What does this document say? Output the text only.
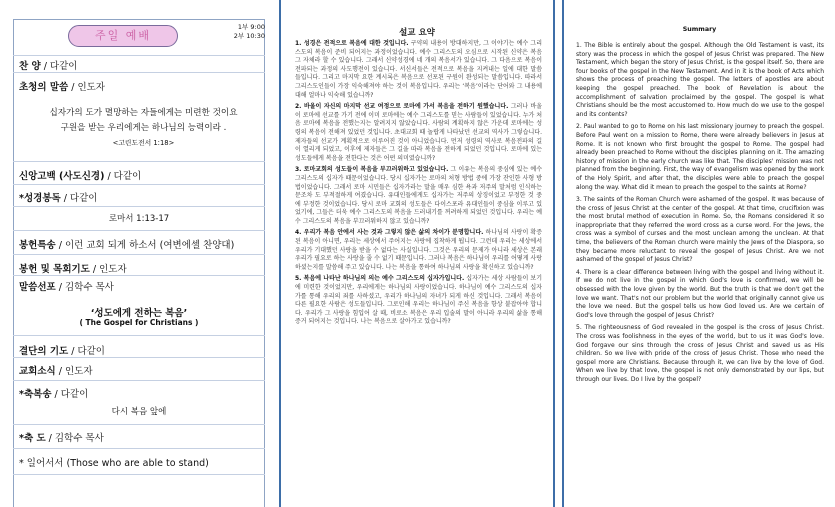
주일 예배
1부 9:00
2부 10:30
찬 양 / 다같이
초청의 말씀 / 인도자
십자가의 도가 멸망하는 자들에게는 미련한 것이요
구원을 받는 우리에게는 하나님의 능력이라 .
<고린도전서 1:18>
신앙고백 (사도신경) / 다같이
*성경봉독 / 다같이
로마서 1:13-17
봉헌특송 / 이런 교회 되게 하소서 (여변에셀 찬양대)
봉헌 및 목회기도 / 인도자
말씀선포 / 김학수 목사
‘성도에게 전하는 복음’
( The Gospel for Christians )
결단의 기도 / 다같이
교회소식 / 인도자
*축복송 / 다같이
다시 복음 앞에
*축 도 / 김학수 목사
* 일어서서 (Those who are able to stand)
설교 요약

1. 성경은 전적으로 복음에 대한 것입니다. 구약의 내용이 방대하지만, 그 이야기는 예수 그리스도의 복음이 준비 되어지는 과정이었습니다. 예수 그리스도의 오심으로 시작된 신약은 복음 그 자체라 할 수 있습니다. 그래서 신약성경에 네 개의 복음서가 있습니다. 그 다음으로 복음이 전파되는 과정의 사도행전이 있습니다. 서신서들은 전적으로 복음을 지켜내는 일에 대한 말씀들입니다. 그리고 마지막 요한 계시록은 복음으로 선포된 구원이 완성되는 말씀입니다. 따라서 그리스도인들이 가장 익숙해져야 하는 것이 복음입니다. 우리는 ‘복음’이라는 단어와 그 내용에 대해 얼마나 익숙해 있습니까?

2. 바울이 자신의 마지막 선교 여정으로 로마에 가서 복음을 전하기 원했습니다. 그러나 바울이 로마에 선교를 가기 전에 이미 로마에는 예수 그리스도를 믿는 사람들이 있었습니다. 누가 처음 로마에 복음을 전했는지는 알려지지 않았습니다. 사람의 계획하지 않은 가운데 로마에는 성령의 복음이 전해져 있었던 것입니다. 초대교회 때 놀랍게 나타났던 선교의 역사가 그렇습니다. 제자들의 선교가 계획적으로 이루어진 것이 아니었습니다. 먼저 성령의 역사로 복음전파의 길이 열리게 되었고, 이후에 제자들은 그 길을 따라 복음을 전하게 되었던 것입니다. 로마에 있는 성도들에게 복음을 전한다는 것은 어떤 의미였습니까?

3. 로마교회의 성도들이 복음을 부끄러워하고 있었습니다. 그 이유는 복음의 중심에 있는 예수 그리스도의 십자가 때문이었습니다. 당시 십자가는 로마의 처형 방법 중에 가장 잔인한 사형 방법이었습니다. 그래서 로마 시민들은 십자가라는 말을 매우 심한 욕과 저주의 말처럼 인식하는 문조차 도 부적절하게 여겼습니다. 유대인들에게도 십자가는 저주의 상징이었고 부정한 것 중에 부정한 것이었습니다. 당시 로마 교회의 성도들은 다이스포라 유대인들이 중심을 이루고 있었기에, 그들은 더욱 예수 그리스도의 복음을 드러내기를 꺼려하게 되었던 것입니다. 우리는 예수 그리스도의 복음을 부끄러워하지 않고 있습니까?

4. 우리가 복음 안에서 사는 것과 그렇지 않은 삶의 차이가 분명합니다. 하나님의 사랑이 확증된 복음이 아니면, 우리는 세상에서 주어지는 사랑에 집착하게 됩니다. 그런데 우리는 세상에서 우리가 기대했던 사랑을 받을 수 없다는 사실입니다. 그것은 우리의 문제가 아니라 세상은 본래 우리가 필요로 하는 사랑을 줄 수 없기 때문입니다. 그러나 복음은 하나님이 우리를 어떻게 사랑하셨는지를 말씀해 주고 있습니다. 나는 복음을 통하여 하나님의 사랑을 확신하고 있습니까?

5. 복음에 나타난 하나님의 의는 예수 그리스도의 십자가입니다. 십자가는 세상 사람들이 보기에 미련한 것이었지만, 우리에게는 하나님의 사랑이었습니다. 하나님이 예수 그리스도의 십자가를 통해 우리의 죄를 사하셨고, 우리가 하나님의 자녀가 되게 하신 것입니다. 그래서 복음이 다른 필요한 사람은 성도들입니다. 그로인해 우리는 하나님이 주신 복음을 항상 붙잡아야 합니다. 우리가 그 사랑을 힘입어 살 때, 비로소 복음은 우리 입술의 말이 아니라 우리의 삶을 통해 증거 되어지는 것입니다. 나는 복음으로 살아가고 있습니까?

Summary

1. The Bible is entirely about the gospel. Although the Old Testament is vast, its story was the process in which the gospel of Jesus Christ was prepared. The New Testament, which began the story of Jesus Christ, is the gospel itself. So, there are four books of the gospel in the New Testament. And in it is the book of Acts which shows the process of preaching the gospel. The letters of apostles are about keeping the gospel preached. The book of Revelation is about the accomplishment of salvation proclaimed by the gospel. The gospel is what Christians should be the most accustomed to. How much do we use to the gospel and its contents?

2. Paul wanted to go to Rome on his last missionary journey to preach the gospel. Before Paul went on a mission to Rome, there were already believers in Jesus at Rome. It is not known who first brought the gospel to Rome. The gospel had already been preached to Rome without the disciples planning on it. The amazing history of mission in the early church was like that. The disciples' mission was not planned from the beginning. First, the way of evangelism was opened by the work of the Holy Spirit, and after that, the disciples were able to preach the gospel along the way. What did it mean to preach the gospel to the saints at Rome?

3. The saints of the Roman Church were ashamed of the gospel. It was because of the cross of Jesus Christ at the center of the gospel. At that time, crucifixion was the most brutal method of execution in Rome. So, the Romans considered it so inappropriate that they referred the word cross as a curse word. For the Jews, the cross was a symbol of curses and the most unclean among the unclean. At that time, the believers of the Roman church were mainly the Jews of the Diaspora, so they became more reluctant to reveal the gospel of Jesus Christ. Are we not ashamed of the gospel of Jesus Christ?

4. There is a clear difference between living with the gospel and living without it. If we do not live in the gospel in which God's love is confirmed, we will be obsessed with the love given by the world. But the truth is that we don't get the love we want. That's not our problem but the world that originally cannot give us the love we need. But the gospel tells us how God loved us. Are we certain of God's love through the gospel of Jesus Christ?

5. The righteousness of God revealed in the gospel is the cross of Jesus Christ. The cross was foolishness in the eyes of the world, but to us it was God's love. God forgave our sins through the cross of Jesus Christ and saved us as His children. So we live with pride of the cross of Jesus Christ. Those who need the gospel more are Christians. Because through it, we can live by the love of God. When we live by that love, the gospel is not only demonstrated by our lips, but through our lives. Do I live by the gospel?
